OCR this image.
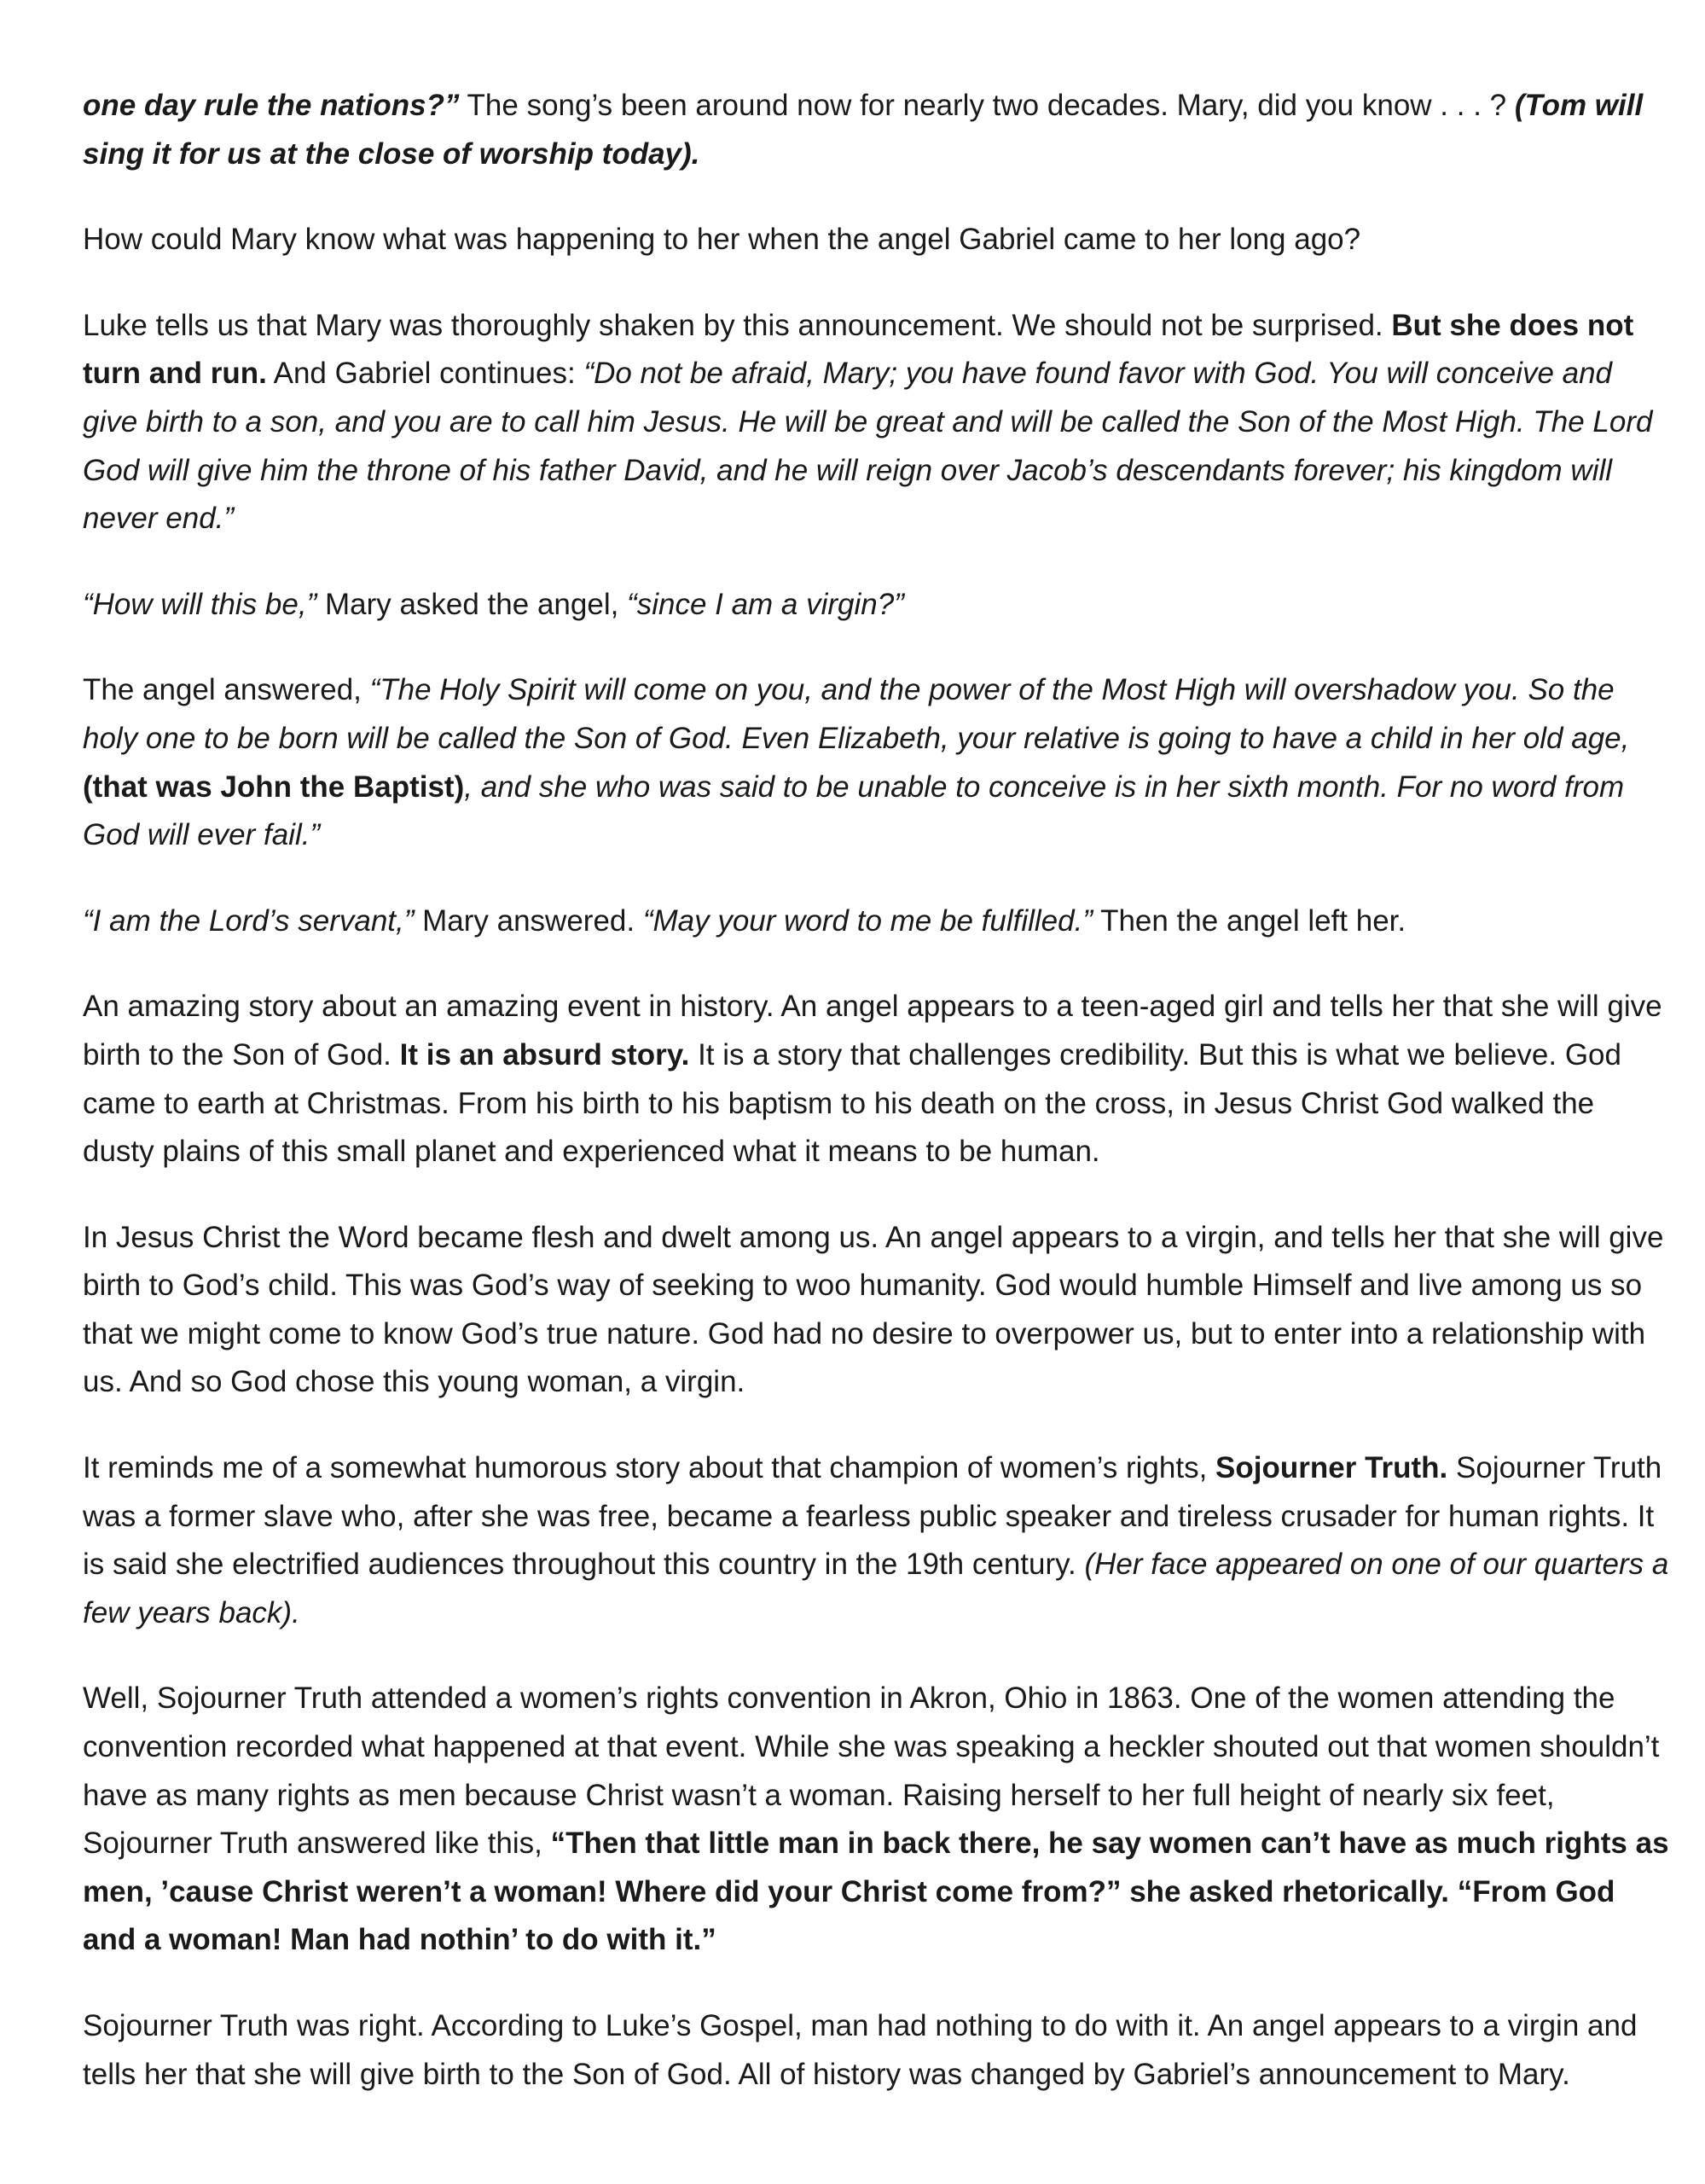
one day rule the nations?” The song’s been around now for nearly two decades. Mary, did you know . . . ? (Tom will sing it for us at the close of worship today).

How could Mary know what was happening to her when the angel Gabriel came to her long ago?

Luke tells us that Mary was thoroughly shaken by this announcement. We should not be surprised. But she does not turn and run. And Gabriel continues: “Do not be afraid, Mary; you have found favor with God. You will conceive and give birth to a son, and you are to call him Jesus. He will be great and will be called the Son of the Most High. The Lord God will give him the throne of his father David, and he will reign over Jacob’s descendants forever; his kingdom will never end.”

“How will this be,” Mary asked the angel, “since I am a virgin?”

The angel answered, “The Holy Spirit will come on you, and the power of the Most High will overshadow you. So the holy one to be born will be called the Son of God. Even Elizabeth, your relative is going to have a child in her old age, (that was John the Baptist), and she who was said to be unable to conceive is in her sixth month. For no word from God will ever fail.”

“I am the Lord’s servant,” Mary answered. “May your word to me be fulfilled.” Then the angel left her.

An amazing story about an amazing event in history. An angel appears to a teen-aged girl and tells her that she will give birth to the Son of God. It is an absurd story. It is a story that challenges credibility. But this is what we believe. God came to earth at Christmas. From his birth to his baptism to his death on the cross, in Jesus Christ God walked the dusty plains of this small planet and experienced what it means to be human.

In Jesus Christ the Word became flesh and dwelt among us. An angel appears to a virgin, and tells her that she will give birth to God’s child. This was God’s way of seeking to woo humanity. God would humble Himself and live among us so that we might come to know God’s true nature. God had no desire to overpower us, but to enter into a relationship with us. And so God chose this young woman, a virgin.

It reminds me of a somewhat humorous story about that champion of women’s rights, Sojourner Truth. Sojourner Truth was a former slave who, after she was free, became a fearless public speaker and tireless crusader for human rights. It is said she electrified audiences throughout this country in the 19th century. (Her face appeared on one of our quarters a few years back).

Well, Sojourner Truth attended a women’s rights convention in Akron, Ohio in 1863. One of the women attending the convention recorded what happened at that event. While she was speaking a heckler shouted out that women shouldn’t have as many rights as men because Christ wasn’t a woman. Raising herself to her full height of nearly six feet, Sojourner Truth answered like this, “Then that little man in back there, he say women can’t have as much rights as men, ’cause Christ weren’t a woman! Where did your Christ come from?” she asked rhetorically. “From God and a woman! Man had nothin’ to do with it.”

Sojourner Truth was right. According to Luke’s Gospel, man had nothing to do with it. An angel appears to a virgin and tells her that she will give birth to the Son of God. All of history was changed by Gabriel’s announcement to Mary.
